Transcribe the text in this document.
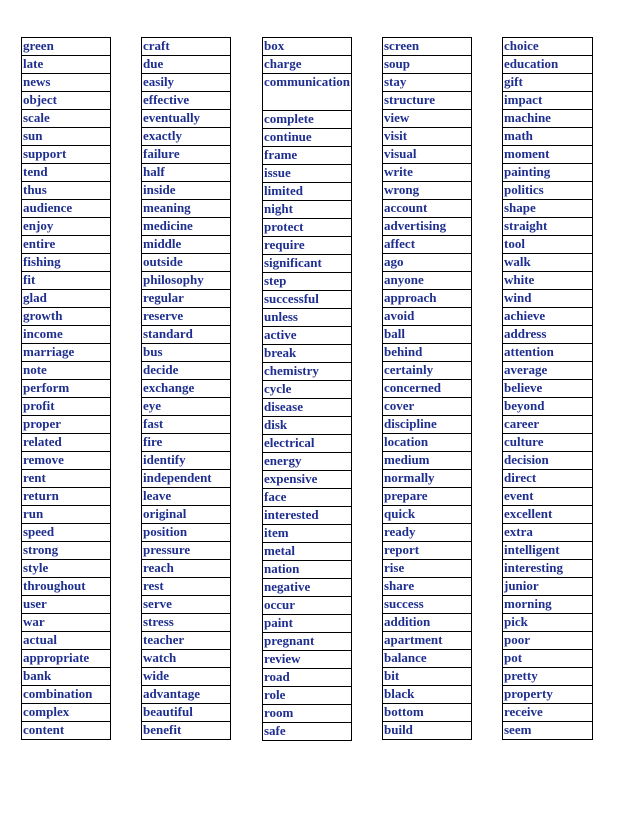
green
late
news
object
scale
sun
support
tend
thus
audience
enjoy
entire
fishing
fit
glad
growth
income
marriage
note
perform
profit
proper
related
remove
rent
return
run
speed
strong
style
throughout
user
war
actual
appropriate
bank
combination
complex
content
craft
due
easily
effective
eventually
exactly
failure
half
inside
meaning
medicine
middle
outside
philosophy
regular
reserve
standard
bus
decide
exchange
eye
fast
fire
identify
independent
leave
original
position
pressure
reach
rest
serve
stress
teacher
watch
wide
advantage
beautiful
benefit
box
charge
communication
complete
continue
frame
issue
limited
night
protect
require
significant
step
successful
unless
active
break
chemistry
cycle
disease
disk
electrical
energy
expensive
face
interested
item
metal
nation
negative
occur
paint
pregnant
review
road
role
room
safe
screen
soup
stay
structure
view
visit
visual
write
wrong
account
advertising
affect
ago
anyone
approach
avoid
ball
behind
certainly
concerned
cover
discipline
location
medium
normally
prepare
quick
ready
report
rise
share
success
addition
apartment
balance
bit
black
bottom
build
choice
education
gift
impact
machine
math
moment
painting
politics
shape
straight
tool
walk
white
wind
achieve
address
attention
average
believe
beyond
career
culture
decision
direct
event
excellent
extra
intelligent
interesting
junior
morning
pick
poor
pot
pretty
property
receive
seem
